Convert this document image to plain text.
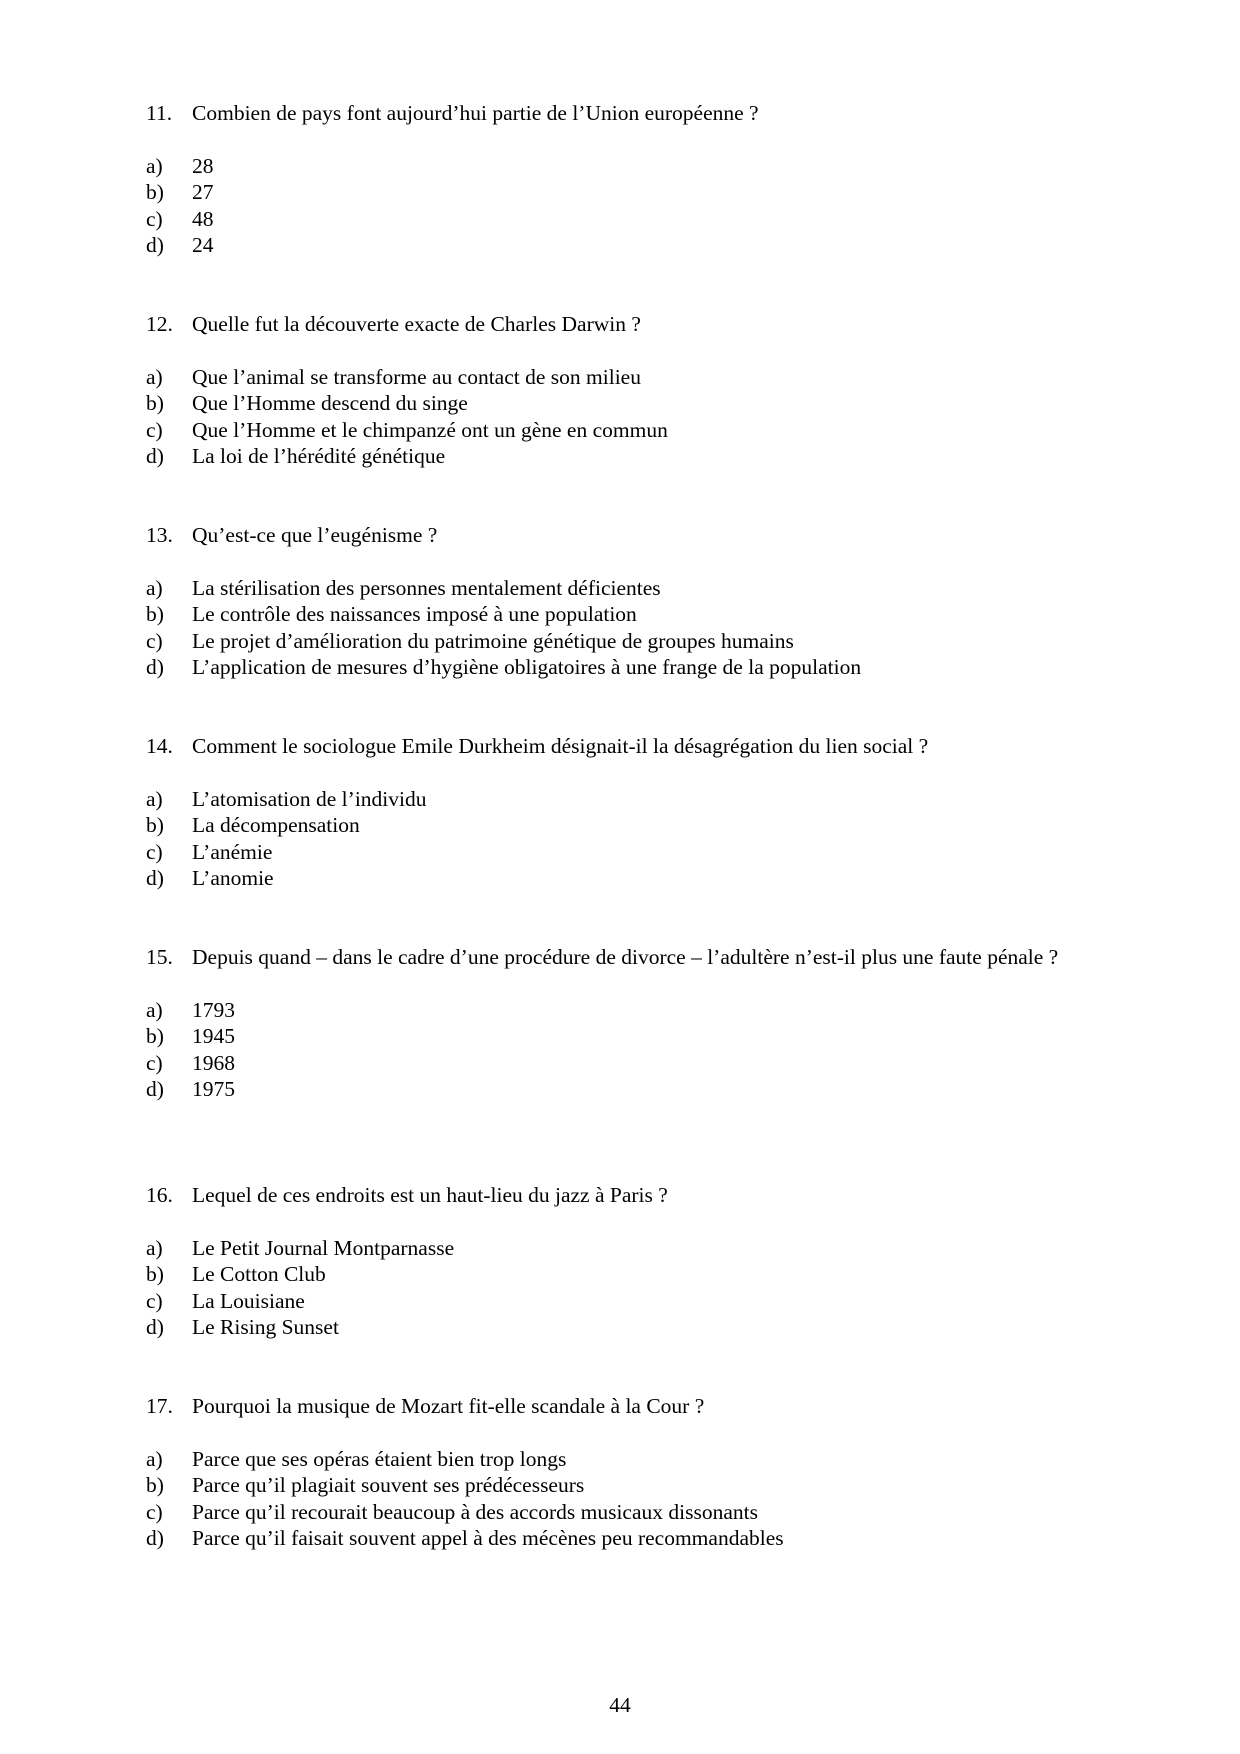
11. Combien de pays font aujourd’hui partie de l’Union européenne ?
a)	28
b)	27
c)	48
d)	24
12. Quelle fut la découverte exacte de Charles Darwin ?
a)	Que l’animal se transforme au contact de son milieu
b)	Que l’Homme descend du singe
c)	Que l’Homme et le chimpanzé ont un gène en commun
d)	La loi de l’hérédité génétique
13. Qu’est-ce que l’eugénisme ?
a)	La stérilisation des personnes mentalement déficientes
b)	Le contrôle des naissances imposé à une population
c)	Le projet d’amélioration du patrimoine génétique de groupes humains
d)	L’application de mesures d’hygiène obligatoires à une frange de la population
14. Comment le sociologue Emile Durkheim désignait-il la désagrégation du lien social ?
a)	L’atomisation de l’individu
b)	La décompensation
c)	L’anémie
d)	L’anomie
15. Depuis quand – dans le cadre d’une procédure de divorce – l’adultère n’est-il plus une faute pénale ?
a)	1793
b)	1945
c)	1968
d)	1975
16. Lequel de ces endroits est un haut-lieu du jazz à Paris ?
a)	Le Petit Journal Montparnasse
b)	Le Cotton Club
c)	La Louisiane
d)	Le Rising Sunset
17. Pourquoi la musique de Mozart fit-elle scandale à la Cour ?
a)	Parce que ses opéras étaient bien trop longs
b)	Parce qu’il plagiait souvent ses prédécesseurs
c)	Parce qu’il recourait beaucoup à des accords musicaux dissonants
d)	Parce qu’il faisait souvent appel à des mécènes peu recommandables
44
